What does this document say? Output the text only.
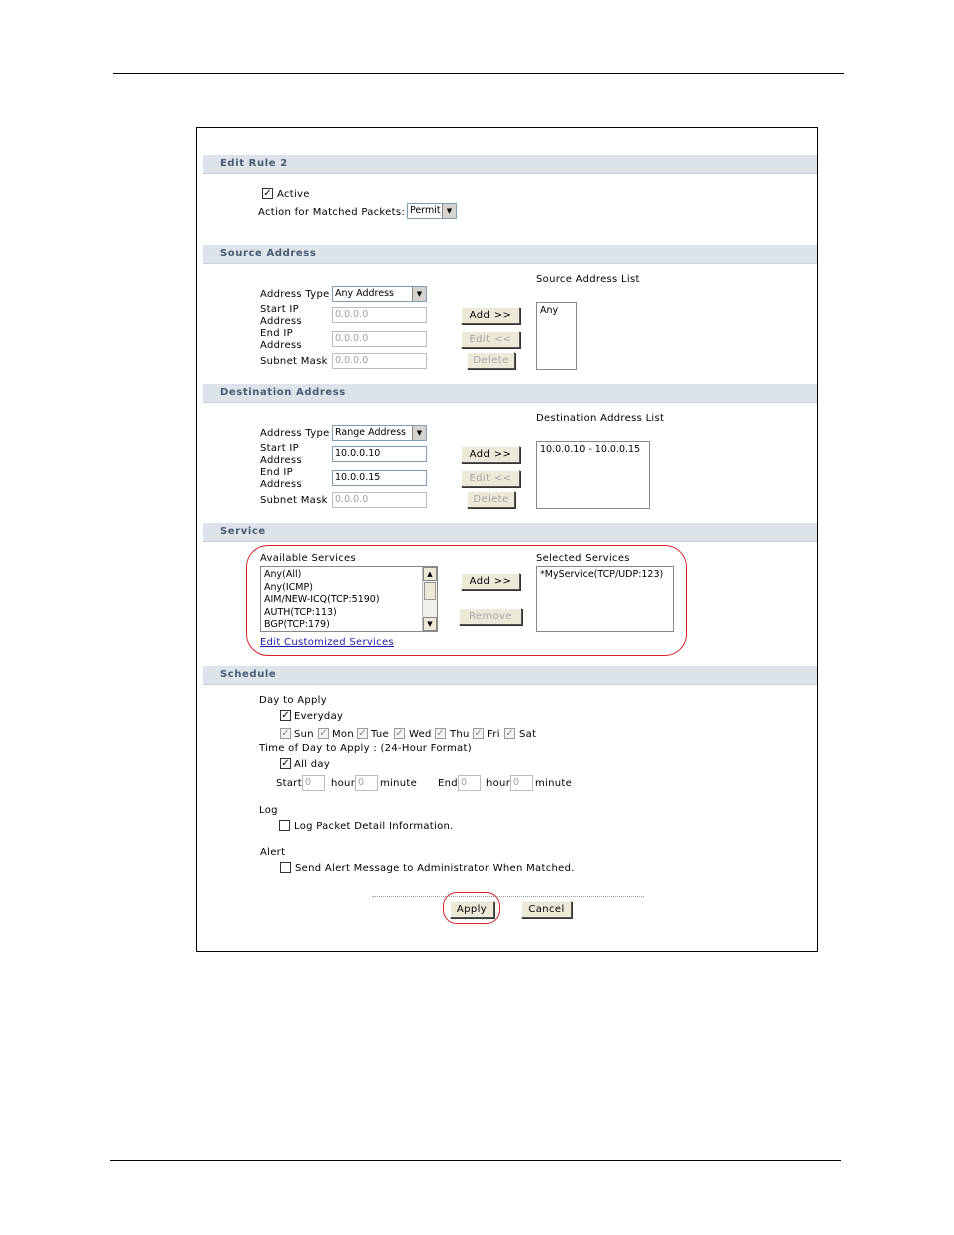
Edit Rule 2
✓ Active
Action for Matched Packets: Permit ▼
Source Address
Source Address List
Address Type Any Address	▼
Start IP
Address
0.0.0.0
End IP
Address
0.0.0.0
Subnet Mask 0.0.0.0
Add >>
Edit <<
Delete
Any
Destination Address
Destination Address List
Address Type Range Address	▼
Start IP
Address
10.0.0.10
End IP
Address
10.0.0.15
Subnet Mask 0.0.0.0
Add >>
Edit <<
Delete
10.0.0.10 - 10.0.0.15
Service
Available Services	Selected Services
Any(All)
Any(ICMP)
AIM/NEW-ICQ(TCP:5190)
AUTH(TCP:113)
BGP(TCP:179)
▲
▼
Add >>
Remove
*MyService(TCP/UDP:123)
Edit Customized Services
Schedule
Day to Apply
✓ Everyday
✓ Sun ✓ Mon ✓ Tue ✓ Wed ✓ Thu ✓ Fri ✓ Sat
Time of Day to Apply : (24-Hour Format)
✓ All day
Start 0	hour 0	minute End 0	hour 0	minute
Log
Log Packet Detail Information.
Alert
Send Alert Message to Administrator When Matched.
Apply	Cancel
